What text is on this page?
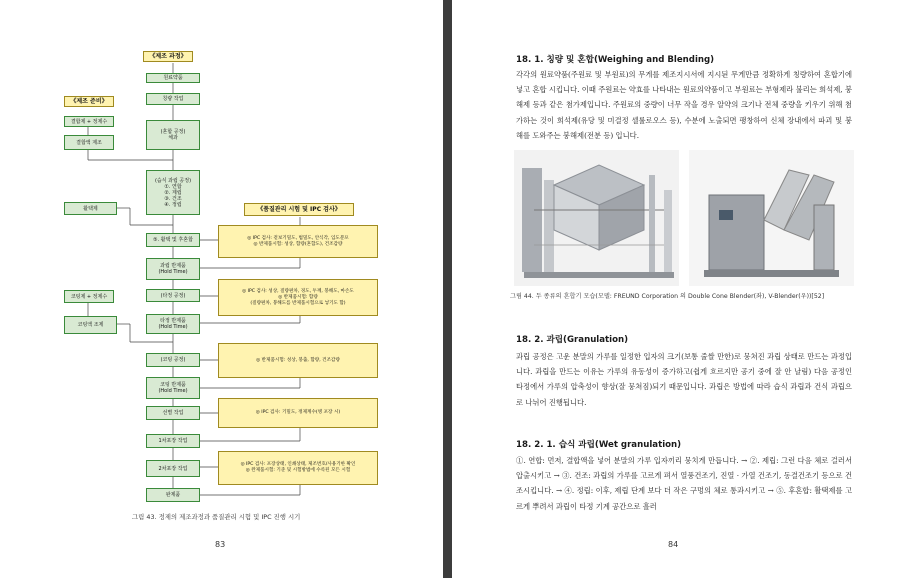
《제조 과정》
《제조 준비》
《품질관리 시험 및 IPC 검사》
원료약품
칭량 작업
(혼합 공정)
체과
(습식 과립 공정)
①. 연합
②. 제립
③. 건조
④. 정립
⑤. 활택 및 후혼합
과립 반제품
(Hold Time)
(타정 공정)
타정 반제품
(Hold Time)
(코팅 공정)
코팅 반제품
(Hold Time)
선별 작업
1차포장 작업
2차포장 작업
완제품
결합제 + 정제수
결합액 제조
활택제
코팅제 + 정제수
코팅액 조제
◎ IPC 검사: 겉보기밀도, 법밀도, 안식각, 입도분포
◎ 반제품시험: 성상, 함량(혼합도), 건조감량
◎ IPC 검사: 성상, 질량편차, 경도, 두께, 붕해도, 마손도
◎ 반제품시험: 함량
(질량편차, 붕해도를 반제품시험으로 넣기도 함)
◎ 반제품시험: 성상, 붕출, 함량, 건조감량
◎ IPC 검사: 기밀도, 정제계수(병 포장 시)
◎ IPC 검사: 포장상태, 인쇄상태, 제조번호/사용기한 확인
◎ 완제품시험: 기준 및 시험방법에 수록된 모든 시험
그림 43. 정제의 제조과정과 품질관리 시험 및 IPC 진행 시기
83
18. 1. 칭량 및 혼합(Weighing and Blending)
각각의 원료약품(주원료 및 부원료)의 무게를 제조지시서에 지시된 무게만큼 정확하게 칭량하여 혼합기에 넣고 혼합 시킵니다. 이때 주원료는 약효를 나타내는 원료의약품이고 부원료는 부형제라 불리는 희석제, 붕해제 등과 같은 첨가제입니다. 주원료의 중량이 너무 작을 경우 알약의 크기나 전체 중량을 키우기 위해 첨가하는 것이 희석제(유당 및 미결정 셀룰로오스 등), 수분에 노출되면 팽창하여 신체 장내에서 파괴 및 붕해를 도와주는 붕해제(전분 등) 입니다.
그림 44. 두 종류의 혼합기 모습(모델: FREUND Corporation 의 Double Cone Blender(좌), V-Blender(우))[52]
18. 2. 과립(Granulation)
과립 공정은 고운 분말의 가루를 일정한 입자의 크기(보통 줄쌀 만한)로 뭉쳐진 과립 상태로 만드는 과정입니다. 과립을 만드는 이유는 가루의 유동성이 증가하고(쉽게 흐르지만 공기 중에 잘 안 날림) 다음 공정인 타정에서 가루의 압축성이 향상(잘 뭉쳐짐)되기 때문입니다. 과립은 방법에 따라 습식 과립과 건식 과립으로 나뉘어 진행됩니다.
18. 2. 1. 습식 과립(Wet granulation)
①. 연합: 먼저, 결합액을 넣어 분말의 가루 입자끼리 뭉치게 만듭니다. → ②. 제립: 그런 다음 체로 걸러서 압출시키고 → ③. 건조: 과립의 가루를 고르게 펴서 열풍건조기, 진열 · 가열 건조기, 동결건조기 등으로 건조시킵니다. → ④. 정립: 이후, 제립 단계 보다 더 작은 구멍의 체로 통과시키고 → ⑤. 후혼합: 활택제를 고르게 뿌려서 과립이 타정 기계 공간으로 흘러
84
